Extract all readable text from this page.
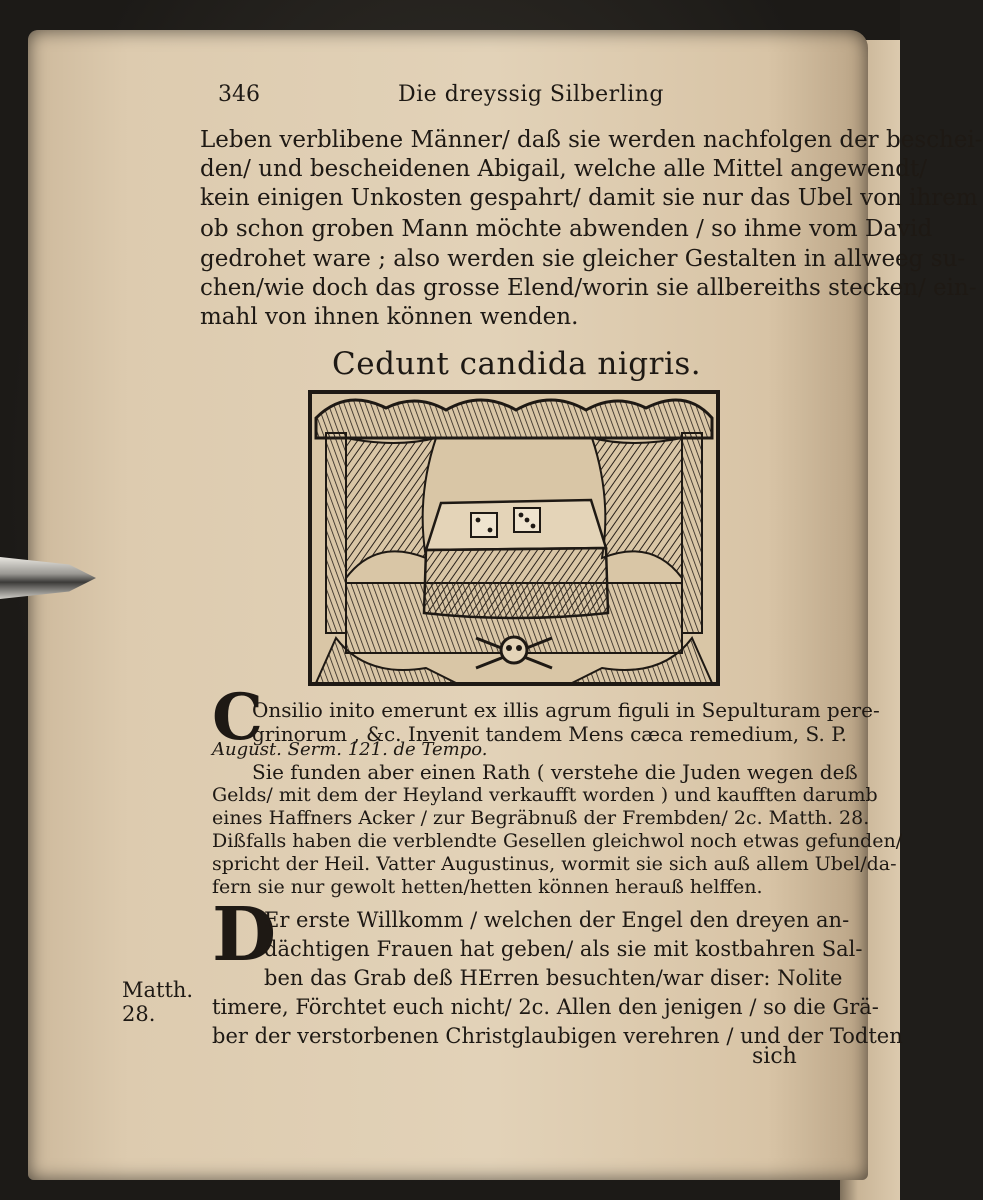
346	Die dreyssig Silberling
Leben verblibene Männer/ daß sie werden nachfolgen der beschei-
den/ und bescheidenen Abigail, welche alle Mittel angewendt/
kein einigen Unkosten gespahrt/ damit sie nur das Ubel von ihrem
ob schon groben Mann möchte abwenden / so ihme vom David
gedrohet ware ; also werden sie gleicher Gestalten in allweeg su-
chen/wie doch das grosse Elend/worin sie allbereiths stecken/ ein-
mahl von ihnen können wenden.
Cedunt candida nigris.
C
Onsilio inito emerunt ex illis agrum figuli in Sepulturam pere-
grinorum , &c. Invenit tandem Mens cæca remedium, S. P.
August. Serm. 121. de Tempo.
Sie funden aber einen Rath ( verstehe die Juden wegen deß
Gelds/ mit dem der Heyland verkaufft worden ) und kaufften darumb
eines Haffners Acker / zur Begräbnuß der Frembden/ 2c. Matth. 28.
Dißfalls haben die verblendte Gesellen gleichwol noch etwas gefunden/
spricht der Heil. Vatter Augustinus, wormit sie sich auß allem Ubel/da-
fern sie nur gewolt hetten/hetten können herauß helffen.
D
Er erste Willkomm / welchen der Engel den dreyen an-
dächtigen Frauen hat geben/ als sie mit kostbahren Sal-
ben das Grab deß HErren besuchten/war diser: Nolite
timere, Förchtet euch nicht/ 2c. Allen den jenigen / so die Grä-
ber der verstorbenen Christglaubigen verehren / und der Todten
Matth.
28.
sich
